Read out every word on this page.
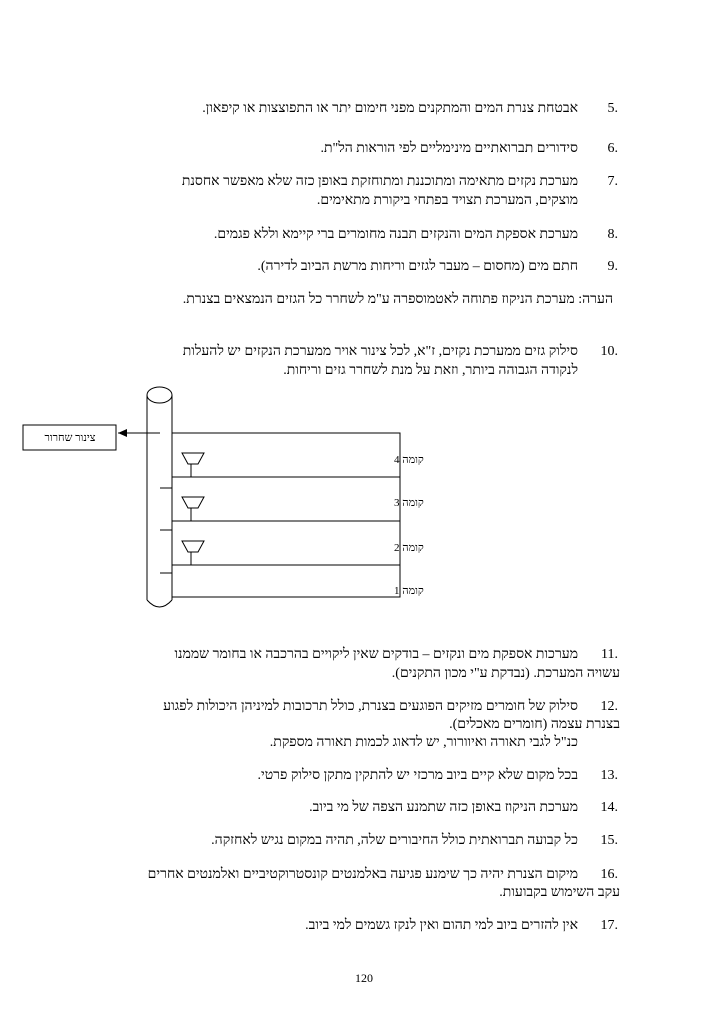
.5
אבטחת צנרת המים והמתקנים מפני חימום יתר או התפוצצות או קיפאון.
.6
סידורים תברואתיים מינימליים לפי הוראות הל"ת.
.7
מערכת נקזים מתאימה ומתוכננת ומתוחזקת באופן כזה שלא מאפשר אחסנת
מוצקים, המערכת תצויד בפתחי ביקורת מתאימים.
.8
מערכת אספקת המים והנקזים תבנה מחומרים ברי קיימא וללא פגמים.
.9
חתם מים (מחסום – מעבר לגזים וריחות מרשת הביוב לדירה).
הערה: מערכת הניקוז פתוחה לאטמוספרה ע"מ לשחרר כל הגזים הנמצאים בצנרת.
.10
סילוק גזים ממערכת נקזים, ז"א, לכל צינור אויר ממערכת הנקזים יש להעלות
לנקודה הגבוהה ביותר, וזאת על מנת לשחרר גזים וריחות.
צינור שחרור
קומה 4
קומה 3
קומה 2
קומה 1
.11
מערכות אספקת מים ונקזים – בודקים שאין ליקויים בהרכבה או בחומר שממנו
עשויה המערכת. (נבדקת ע"י מכון התקנים).
.12
סילוק של חומרים מזיקים הפוגעים בצנרת, כולל תרכובות למיניהן היכולות לפגוע
בצנרת עצמה (חומרים מאכלים).
כנ"ל לגבי תאורה ואיוורור, יש לדאוג לכמות תאורה מספקת.
.13
בכל מקום שלא קיים ביוב מרכזי יש להתקין מתקן סילוק פרטי.
.14
מערכת הניקוז באופן כזה שתמנע הצפה של מי ביוב.
.15
כל קבועה תברואתית כולל החיבורים שלה, תהיה במקום נגיש לאחזקה.
.16
מיקום הצנרת יהיה כך שימנע פגיעה באלמנטים קונסטרוקטיביים ואלמנטים אחרים
עקב השימוש בקבועות.
.17
אין להזרים ביוב למי תהום ואין לנקז גשמים למי ביוב.
120
